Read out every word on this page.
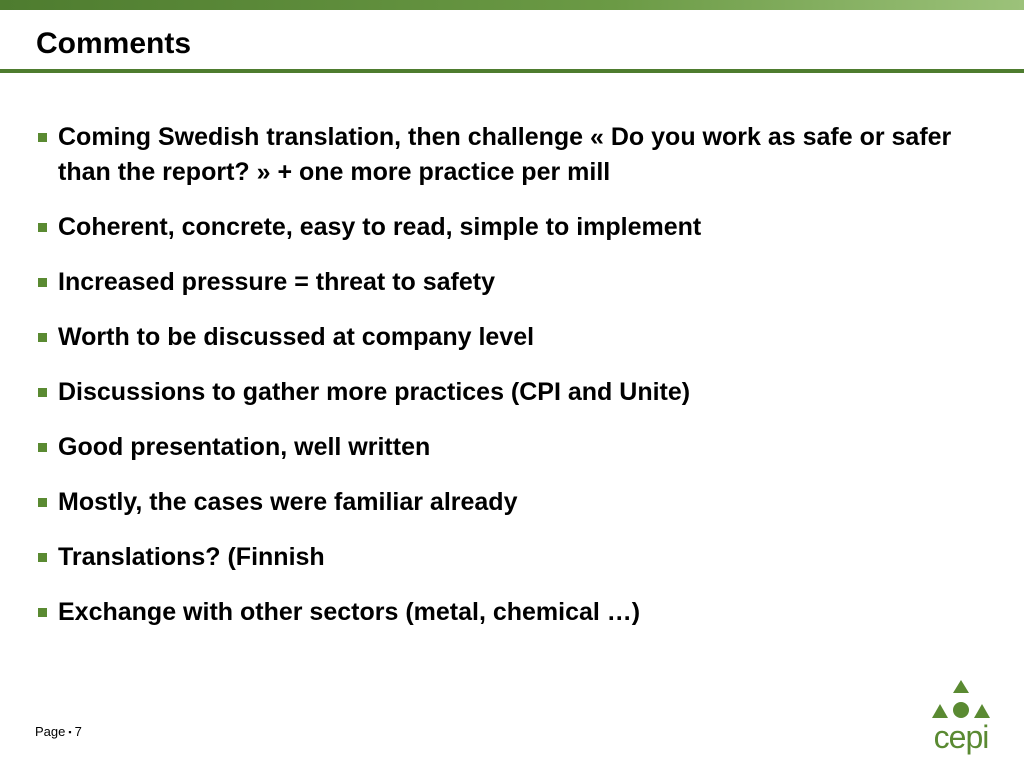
Comments
Coming Swedish translation, then challenge « Do you work as safe or safer than the report? » + one more practice per mill
Coherent, concrete, easy to read, simple to implement
Increased pressure = threat to safety
Worth to be discussed at company level
Discussions to gather more practices (CPI and Unite)
Good presentation, well written
Mostly, the cases were familiar already
Translations? (Finnish
Exchange with other sectors (metal, chemical …)
Page ▪ 7	cepi
